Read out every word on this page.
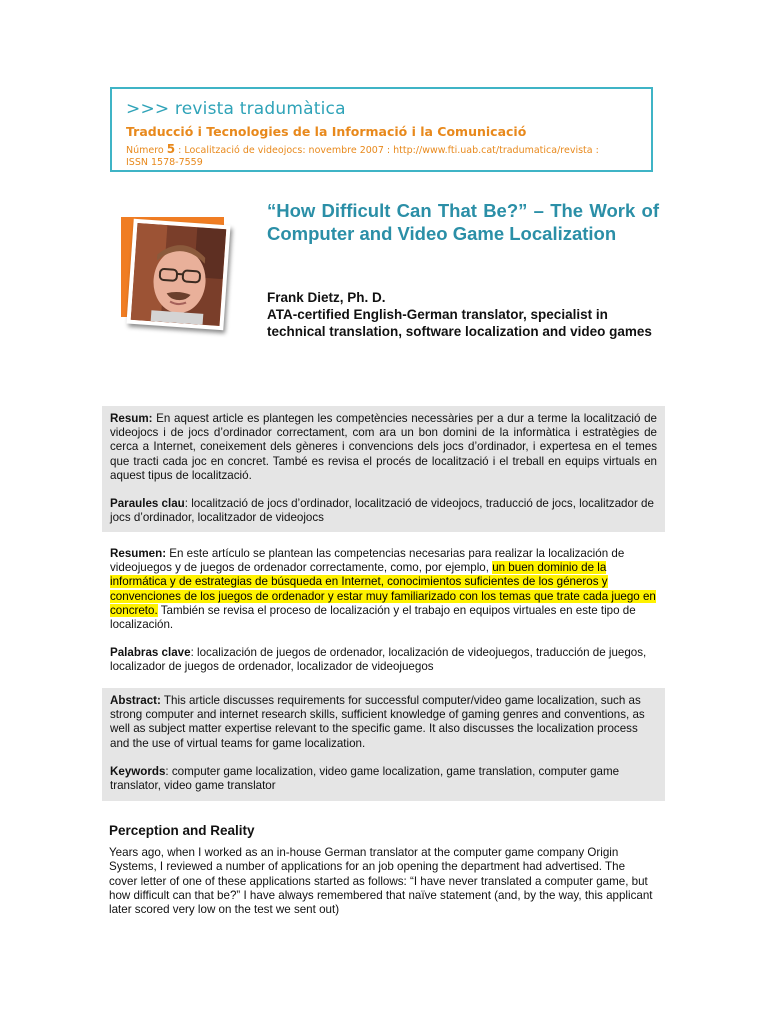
>>> revista tradumàtica
Traducció i Tecnologies de la Informació i la Comunicació
Número 5 : Localització de videojocs: novembre 2007 : http://www.fti.uab.cat/tradumatica/revista :
ISSN 1578-7559
“How Difficult Can That Be?” – The Work of Computer and Video Game Localization
Frank Dietz, Ph. D.
ATA-certified English-German translator, specialist in technical translation, software localization and video games

Resum: En aquest article es plantegen les competències necessàries per a dur a terme la localització de videojocs i de jocs d’ordinador correctament, com ara un bon domini de la informàtica i estratègies de cerca a Internet, coneixement dels gèneres i convencions dels jocs d’ordinador, i expertesa en el temes que tracti cada joc en concret. També es revisa el procés de localització i el treball en equips virtuals en aquest tipus de localització.

Paraules clau: localització de jocs d’ordinador, localització de videojocs, traducció de jocs, localitzador de jocs d’ordinador, localitzador de videojocs

Resumen: En este artículo se plantean las competencias necesarias para realizar la localización de videojuegos y de juegos de ordenador correctamente, como, por ejemplo, un buen dominio de la informática y de estrategias de búsqueda en Internet, conocimientos suficientes de los géneros y convenciones de los juegos de ordenador y estar muy familiarizado con los temas que trate cada juego en concreto. También se revisa el proceso de localización y el trabajo en equipos virtuales en este tipo de localización.

Palabras clave: localización de juegos de ordenador, localización de videojuegos, traducción de juegos, localizador de juegos de ordenador, localizador de videojuegos

Abstract: This article discusses requirements for successful computer/video game localization, such as strong computer and internet research skills, sufficient knowledge of gaming genres and conventions, as well as subject matter expertise relevant to the specific game. It also discusses the localization process and the use of virtual teams for game localization.

Keywords: computer game localization, video game localization, game translation, computer game translator, video game translator

Perception and Reality

Years ago, when I worked as an in-house German translator at the computer game company Origin Systems, I reviewed a number of applications for an job opening the department had advertised. The cover letter of one of these applications started as follows: “I have never translated a computer game, but how difficult can that be?” I have always remembered that naïve statement (and, by the way, this applicant later scored very low on the test we sent out)
